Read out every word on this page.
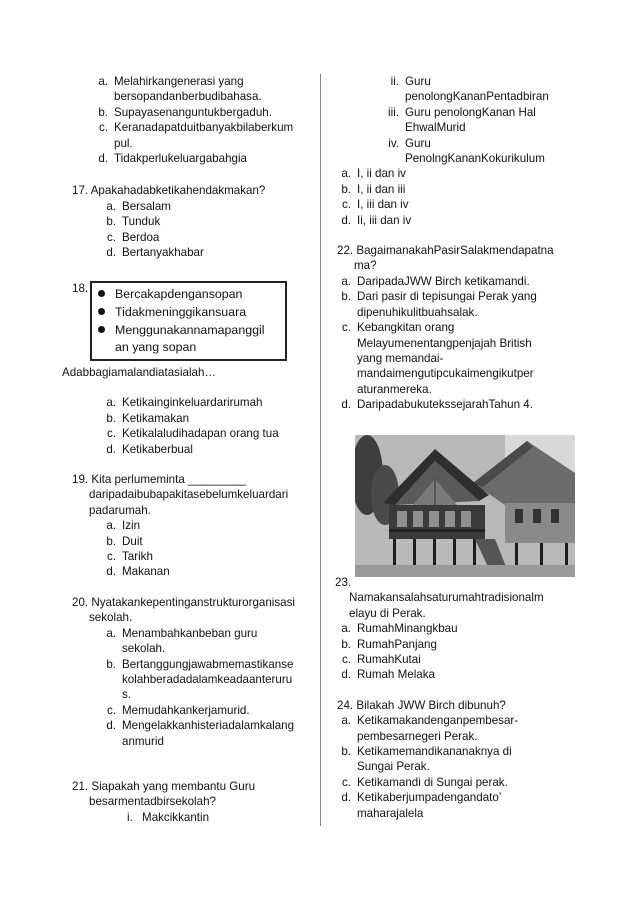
a. Melahirkangenerasi yang
bersopandanberbudibahasa.
b. Supayasenanguntukbergaduh.
c. Keranadapatduitbanyakbilaberkum
pul.
d. Tidakperlukeluargabahgia
17. Apakahadabketikahendakmakan?
a. Bersalam
b. Tunduk
c. Berdoa
d. Bertanyakhabar
18.	Bercakapdengansopan
Tidakmeninggikansuara
Menggunakannamapanggil
an yang sopan
Adabbagiamalandiatasialah…
a. Ketikainginkeluardarirumah
b. Ketikamakan
c. Ketikalaludihadapan orang tua
d. Ketikaberbual
19. Kita perlumeminta _________
daripadaibubapakitasebelumkeluardari
padarumah.
a. Izin
b. Duit
c. Tarikh
d. Makanan
20. Nyatakankepentinganstrukturorganisasi
sekolah.
a. Menambahkanbeban guru
sekolah.
b. Bertanggungjawabmemastikanse
kolahberadadalamkeadaanteruru
s.
c. Memudahkankerjamurid.
d. Mengelakkanhisteriadalamkalang
anmurid
21. Siapakah yang membantu Guru
besarmentadbirsekolah?
i. Makcikkantin
ii. Guru
penolongKananPentadbiran
iii. Guru penolongKanan Hal
EhwalMurid
iv. Guru
PenolngKananKokurikulum
a. I, ii dan iv
b. I, ii dan iii
c. I, iii dan iv
d. Ii, iii dan iv
22. BagaimanakahPasirSalakmendapatna
ma?
a. DaripadaJWW Birch ketikamandi.
b. Dari pasir di tepisungai Perak yang
dipenuhikulitbuahsalak.
c. Kebangkitan orang
Melayumenentangpenjajah British
yang memandai-
mandaimengutipcukaimengikutper
aturanmereka.
d. DaripadabukutekssejarahTahun 4.
23.
Namakansalahsaturumahtradisionalm
elayu di Perak.
a. RumahMinangkbau
b. RumahPanjang
c. RumahKutai
d. Rumah Melaka
24. Bilakah JWW Birch dibunuh?
a. Ketikamakandenganpembesar-
pembesarnegeri Perak.
b. Ketikamemandikananaknya di
Sungai Perak.
c. Ketikamandi di Sungai perak.
d. Ketikaberjumpadengandato’
maharajalela
